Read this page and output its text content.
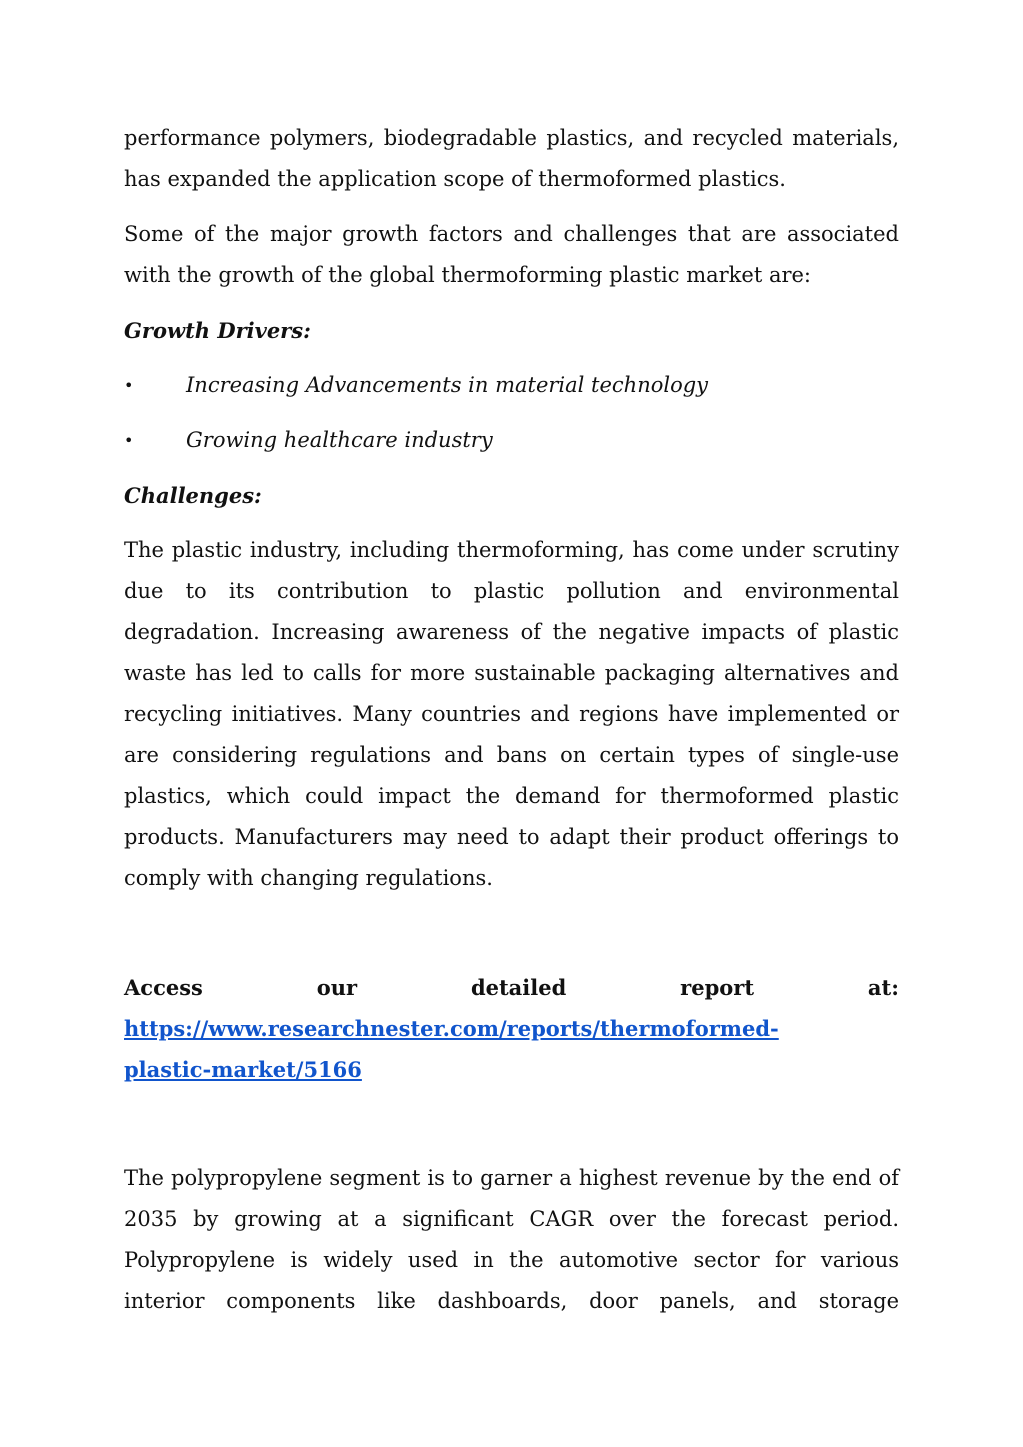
performance polymers, biodegradable plastics, and recycled materials,
has expanded the application scope of thermoformed plastics.

Some of the major growth factors and challenges that are associated with the growth of the global thermoforming plastic market are:

Growth Drivers:

•	Increasing Advancements in material technology
•	Growing healthcare industry

Challenges:

The plastic industry, including thermoforming, has come under scrutiny due to its contribution to plastic pollution and environmental degradation. Increasing awareness of the negative impacts of plastic waste has led to calls for more sustainable packaging alternatives and recycling initiatives. Many countries and regions have implemented or are considering regulations and bans on certain types of single-use plastics, which could impact the demand for thermoformed plastic products. Manufacturers may need to adapt their product offerings to comply with changing regulations.

Access	our	detailed	report	at:
https://www.researchnester.com/reports/thermoformed-
plastic-market/5166

The polypropylene segment is to garner a highest revenue by the end of 2035 by growing at a significant CAGR over the forecast period. Polypropylene is widely used in the automotive sector for various interior components like dashboards, door panels, and storage
